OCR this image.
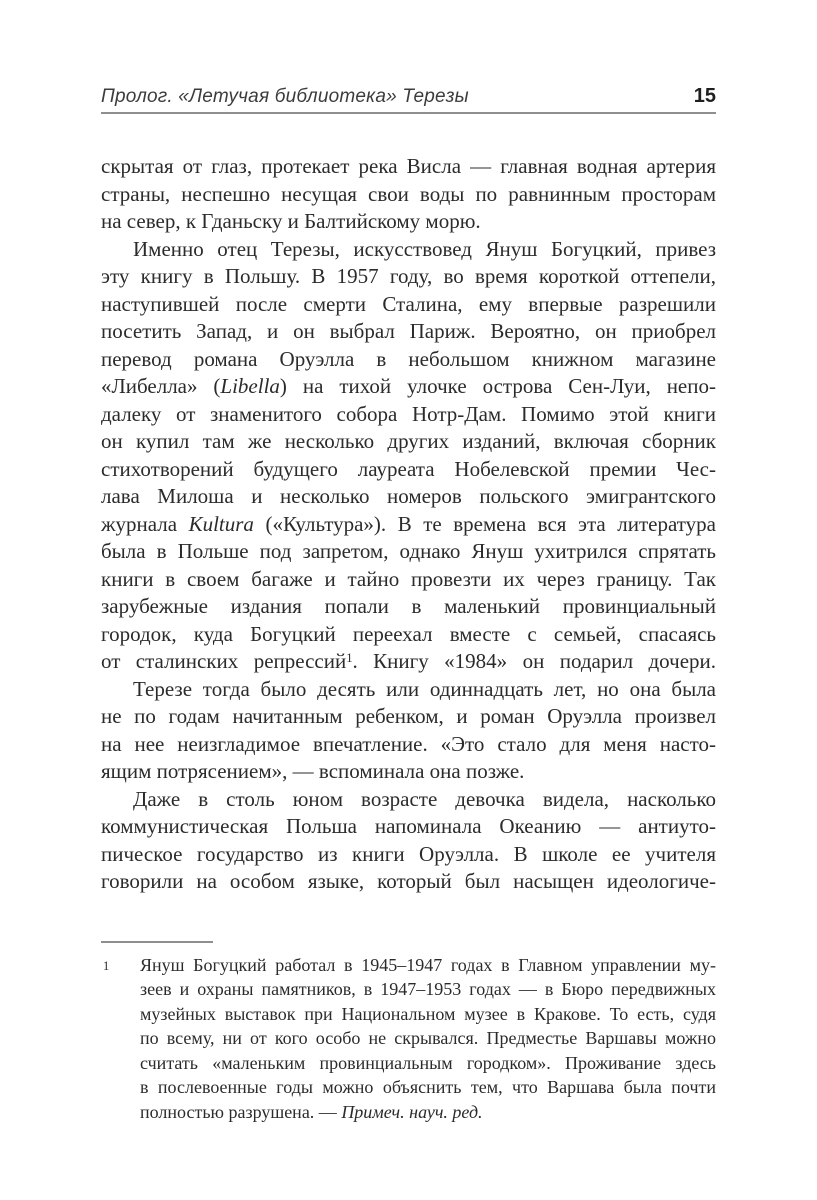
Пролог. «Летучая библиотека» Терезы	15
скрытая от глаз, протекает река Висла — главная водная артерия
страны, неспешно несущая свои воды по равнинным просторам
на север, к Гданьску и Балтийскому морю.
Именно отец Терезы, искусствовед Януш Богуцкий, привез
эту книгу в Польшу. В 1957 году, во время короткой оттепели,
наступившей после смерти Сталина, ему впервые разрешили
посетить Запад, и он выбрал Париж. Вероятно, он приобрел
перевод романа Оруэлла в небольшом книжном магазине
«Либелла» (Libella) на тихой улочке острова Сен-Луи, непо-
далеку от знаменитого собора Нотр-Дам. Помимо этой книги
он купил там же несколько других изданий, включая сборник
стихотворений будущего лауреата Нобелевской премии Чес-
лава Милоша и несколько номеров польского эмигрантского
журнала Kultura («Культура»). В те времена вся эта литература
была в Польше под запретом, однако Януш ухитрился спрятать
книги в своем багаже и тайно провезти их через границу. Так
зарубежные издания попали в маленький провинциальный
городок, куда Богуцкий переехал вместе с семьей, спасаясь
от сталинских репрессий$^1$. Книгу «1984» он подарил дочери.
Терезе тогда было десять или одиннадцать лет, но она была
не по годам начитанным ребенком, и роман Оруэлла произвел
на нее неизгладимое впечатление. «Это стало для меня насто-
ящим потрясением», — вспоминала она позже.
Даже в столь юном возрасте девочка видела, насколько
коммунистическая Польша напоминала Океанию — антиуто-
пическое государство из книги Оруэлла. В школе ее учителя
говорили на особом языке, который был насыщен идеологиче-
1 Януш Богуцкий работал в 1945–1947 годах в Главном управлении му-
зеев и охраны памятников, в 1947–1953 годах — в Бюро передвижных
музейных выставок при Национальном музее в Кракове. То есть, судя
по всему, ни от кого особо не скрывался. Предместье Варшавы можно
считать «маленьким провинциальным городком». Проживание здесь
в послевоенные годы можно объяснить тем, что Варшава была почти
полностью разрушена. — Примеч. науч. ред.
